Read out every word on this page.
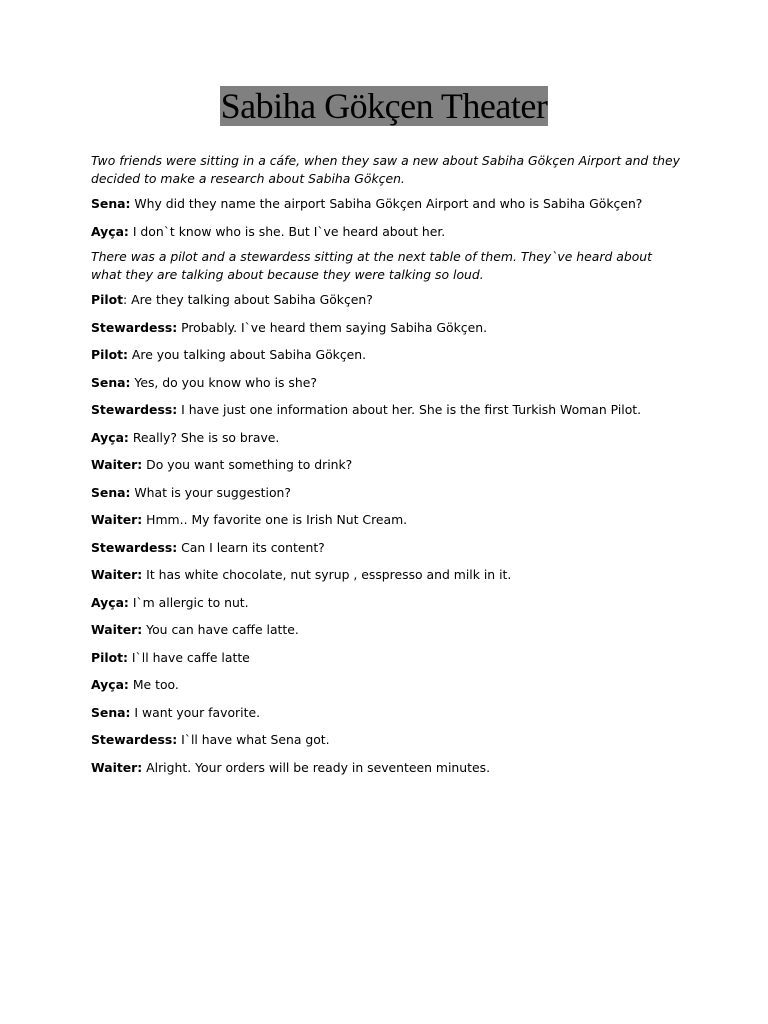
Sabiha Gökçen Theater

Two friends were sitting in a cáfe, when they saw a new about Sabiha Gökçen Airport and they decided to make a research about Sabiha Gökçen.

Sena: Why did they name the airport Sabiha Gökçen Airport and who is Sabiha Gökçen?

Ayça: I don`t know who is she. But I`ve heard about her.

There was a pilot and a stewardess sitting at the next table of them. They`ve heard about what they are talking about because they were talking so loud.

Pilot: Are they talking about Sabiha Gökçen?

Stewardess: Probably. I`ve heard them saying Sabiha Gökçen.

Pilot: Are you talking about Sabiha Gökçen.

Sena: Yes, do you know who is she?

Stewardess: I have just one information about her. She is the first Turkish Woman Pilot.

Ayça: Really? She is so brave.

Waiter: Do you want something to drink?

Sena: What is your suggestion?

Waiter: Hmm.. My favorite one is Irish Nut Cream.

Stewardess: Can I learn its content?

Waiter: It has white chocolate, nut syrup , esspresso and milk in it.

Ayça: I`m allergic to nut.

Waiter: You can have caffe latte.

Pilot: I`ll have caffe latte

Ayça: Me too.

Sena: I want your favorite.

Stewardess: I`ll have what Sena got.

Waiter: Alright. Your orders will be ready in seventeen minutes.
